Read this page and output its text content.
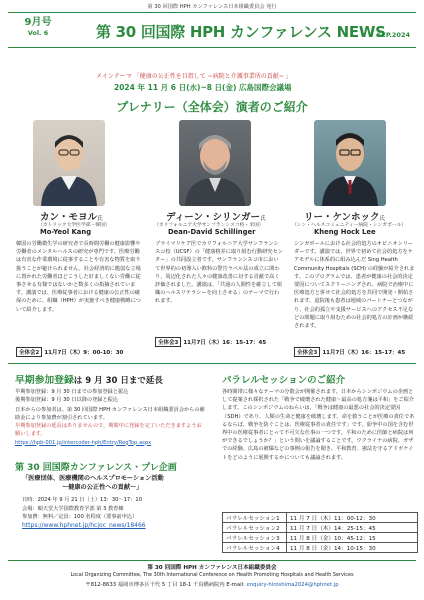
第 30 回国際 HPH カンファレンス日本組織委員会 発行
9月号
Vol. 6	第 30 回国際 HPH カンファレンス NEWS
SEP.2024
メインテーマ 「健康の公正性を目指して ~病院と介護事業所の貢献~ 」
2024 年 11 月 6 日(水)~8 日(金) 広島国際会議場
プレナリー（全体会）演者のご紹介
カン・モヨル氏
（カトリック大学医学部・韓国）
Mo-Yeol Kang
韓国の労働衛生学の研究者で長時間労働の健康影響や労働者のメンタルヘルスの研究が専門です。医療労働は有害な作業環境に従事することや有害な物質を取り扱うことが避けられません。社会経済的に脆弱な立場に置かれた労働者ほどこうした好ましくない労働に従事させる有様ではないかと数多くの指摘されています。講演では、医療従事者における健康の公正性の確保のために、組織（HPH）が実施すべき健康戦略について紹介します。
全体会2 11月7日（木）9：00-10：30
ディーン・シリンガー氏
（カリフォルニア大学サンフランシスコ校・米国）
Dean-David Schillinger
プライマリケア医でカリフォルニア大学サンフランシスコ校（UCSF）の「健康格差に取り組む行動研究センター」の共同設立者です。サンフランシスコ市において世界的の初導入い飲料の警告ラベル法の成立に関わり、周辺化された人々の健康改善に対する貢献で高く評価されました。講演は、「共通の人間性を確立して組織のヘルスリテラシーを向上させる」のテーマで行われます。
全体会3 11月7日（木）16：15-17：45
リー・ケンホック氏
（シン・ヘルスコミュニティー病院・シンガポール）
Kheng Hock Lee
シンガポールにおける社会的処方のオピニオンリーダーです。講演では、世界で初めて社会的処方をケアモデルに体系的に組み込んだ Sing Health Community Hospitals (SCH) の経験が紹介されます。このプログラムでは、患者が健康の社会的決定要因についてスクリーニングされ、病院で治療中に医療処方と併せて社会的処方を共同で開発・開始されます。退院後も患者は地域のパートナーとつながり、社会的孤立や支援サービスへのアクセス不足などの問題に取り組むための社会的処方の計画が継続されます。
全体会3 11月7日（木）16：15-17：45
早期参加登録は 9 月 30 日まで延長
早期参加登録：9 月 30 日までの参加登録と振込
後期参加登録：9 月 30 日以降の登録と振込
日本からの参加者は、第 30 回国際 HPH カンファレンス日本組織委員会からの補助金により参加費が割引されています。
早期参加登録の延長はありませんので、期間中に登録を完了いただきますようお願いします。
https://hpb-001.jp/intercoder-hph/Entry/RegTop.aspx
第 30 回国際カンファレンス・プレ企画
「医療団体、医療機関のヘルスプロモーション活動
～健康の公正性への貢献～」
日時：2024 年 9 月 21 日（土）13：30～17：10
会場：順天堂大学国際教育学部 第 3 教育棟
参加費：無料／定員：100 名程度（要事前申込）
https://www.hphnet.jp/hcjoc_news/18466
パラレルセッションのご紹介
各時間帯に様々なテーマの分散会が開催されます。日本からシンポジウムの企画として提案され採択された「戦争で破壊された健康～最高の処方箋は平和」をご紹介します。このシンポジウムのねらいは、「戦争は健康の最悪の社会的決定要因（SDH）であり、人類の生命と健康を破壊します。命を救うことが医療の責任であるならば、戦争を防ぐことは、医療従事者の責任です」です。紛争中の国を含む世界中の医療従事者にとって不可欠な仕事の一つです。平和のために医師と病院は何ができるでしょうか？」という問いを議論することです。ウクライナの病院、ガザでの経験、広島の被爆などの事例の報告を聞き、平和教育、憲法を守るアドボケイトをどのように展開するかについても議論されます。
パラレルセッション1	11 月 7 日（木）11：00-12：30
パラレルセッション2	11 月 7 日（木）14：25-15：45
パラレルセッション3	11 月 8 日（金）10：45-12：15
パラレルセッション4	11 月 8 日（金）14：10-15：30
第 30 回国際 HPH カンファレンス日本組織委員会
Local Organizing Committee, The 30th International Conference on Health Promoting Hospitals and Health Services
〒812-8633 福岡市博多区千代 5 丁目 18-1 千鳥橋病院内 E-mail: enquiry-hiroshima2024@hphnet.jp
